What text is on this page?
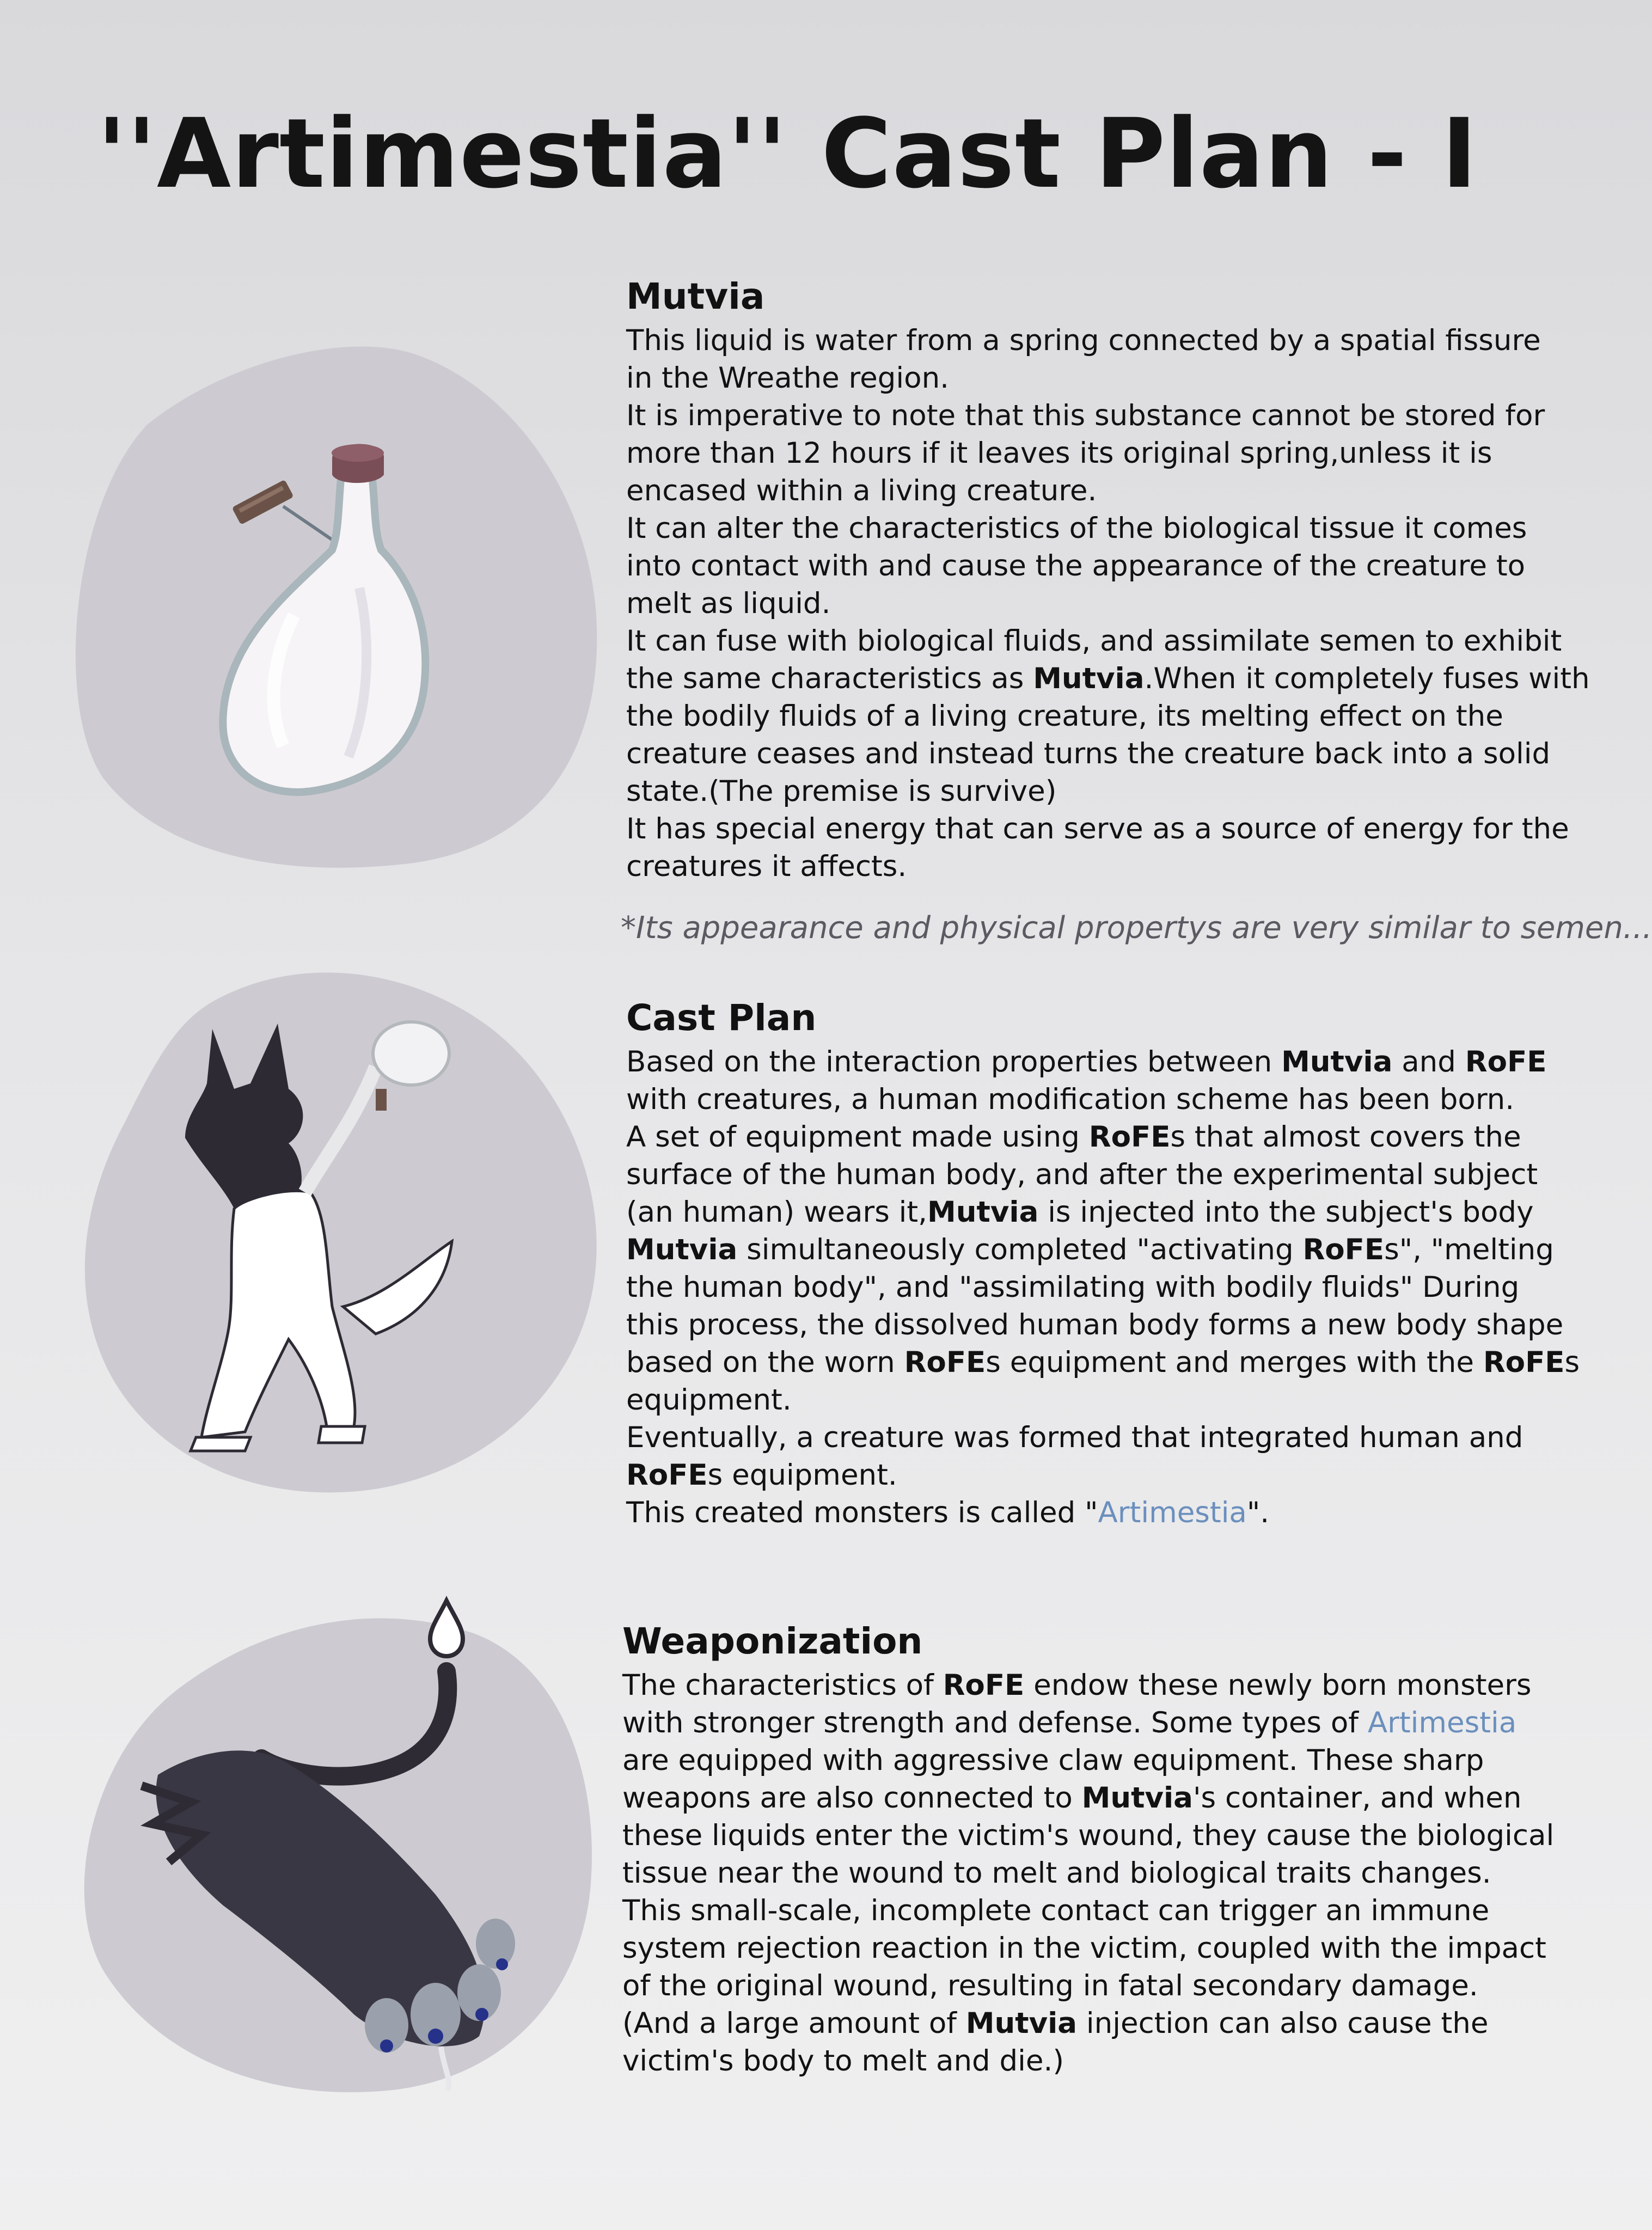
''Artimestia'' Cast Plan - I
Mutvia

This liquid is water from a spring connected by a spatial fissure

in the Wreathe region.

It is imperative to note that this substance cannot be stored for

more than 12 hours if it leaves its original spring,unless it is

encased within a living creature.

It can alter the characteristics of the biological tissue it comes

into contact with and cause the appearance of the creature to

melt as liquid.

It can fuse with biological fluids, and assimilate semen to exhibit

the same characteristics as Mutvia.When it completely fuses with

the bodily fluids of a living creature, its melting effect on the

creature ceases and instead turns the creature back into a solid

state.(The premise is survive)

It has special energy that can serve as a source of energy for the

creatures it affects.

*Its appearance and physical propertys are very similar to semen...
Cast Plan

Based on the interaction properties between Mutvia and RoFE

with creatures, a human modification scheme has been born.

A set of equipment made using RoFEs that almost covers the

surface of the human body, and after the experimental subject

(an human) wears it,Mutvia is injected into the subject's body

Mutvia simultaneously completed "activating RoFEs", "melting

the human body", and "assimilating with bodily fluids" During

this process, the dissolved human body forms a new body shape

based on the worn RoFEs equipment and merges with the RoFEs

equipment.

Eventually, a creature was formed that integrated human and

RoFEs equipment.

This created monsters is called "Artimestia".

Weaponization

The characteristics of RoFE endow these newly born monsters

with stronger strength and defense. Some types of Artimestia

are equipped with aggressive claw equipment. These sharp

weapons are also connected to Mutvia's container, and when

these liquids enter the victim's wound, they cause the biological

tissue near the wound to melt and biological traits changes.

This small-scale, incomplete contact can trigger an immune

system rejection reaction in the victim, coupled with the impact

of the original wound, resulting in fatal secondary damage.

(And a large amount of Mutvia injection can also cause the

victim's body to melt and die.)
